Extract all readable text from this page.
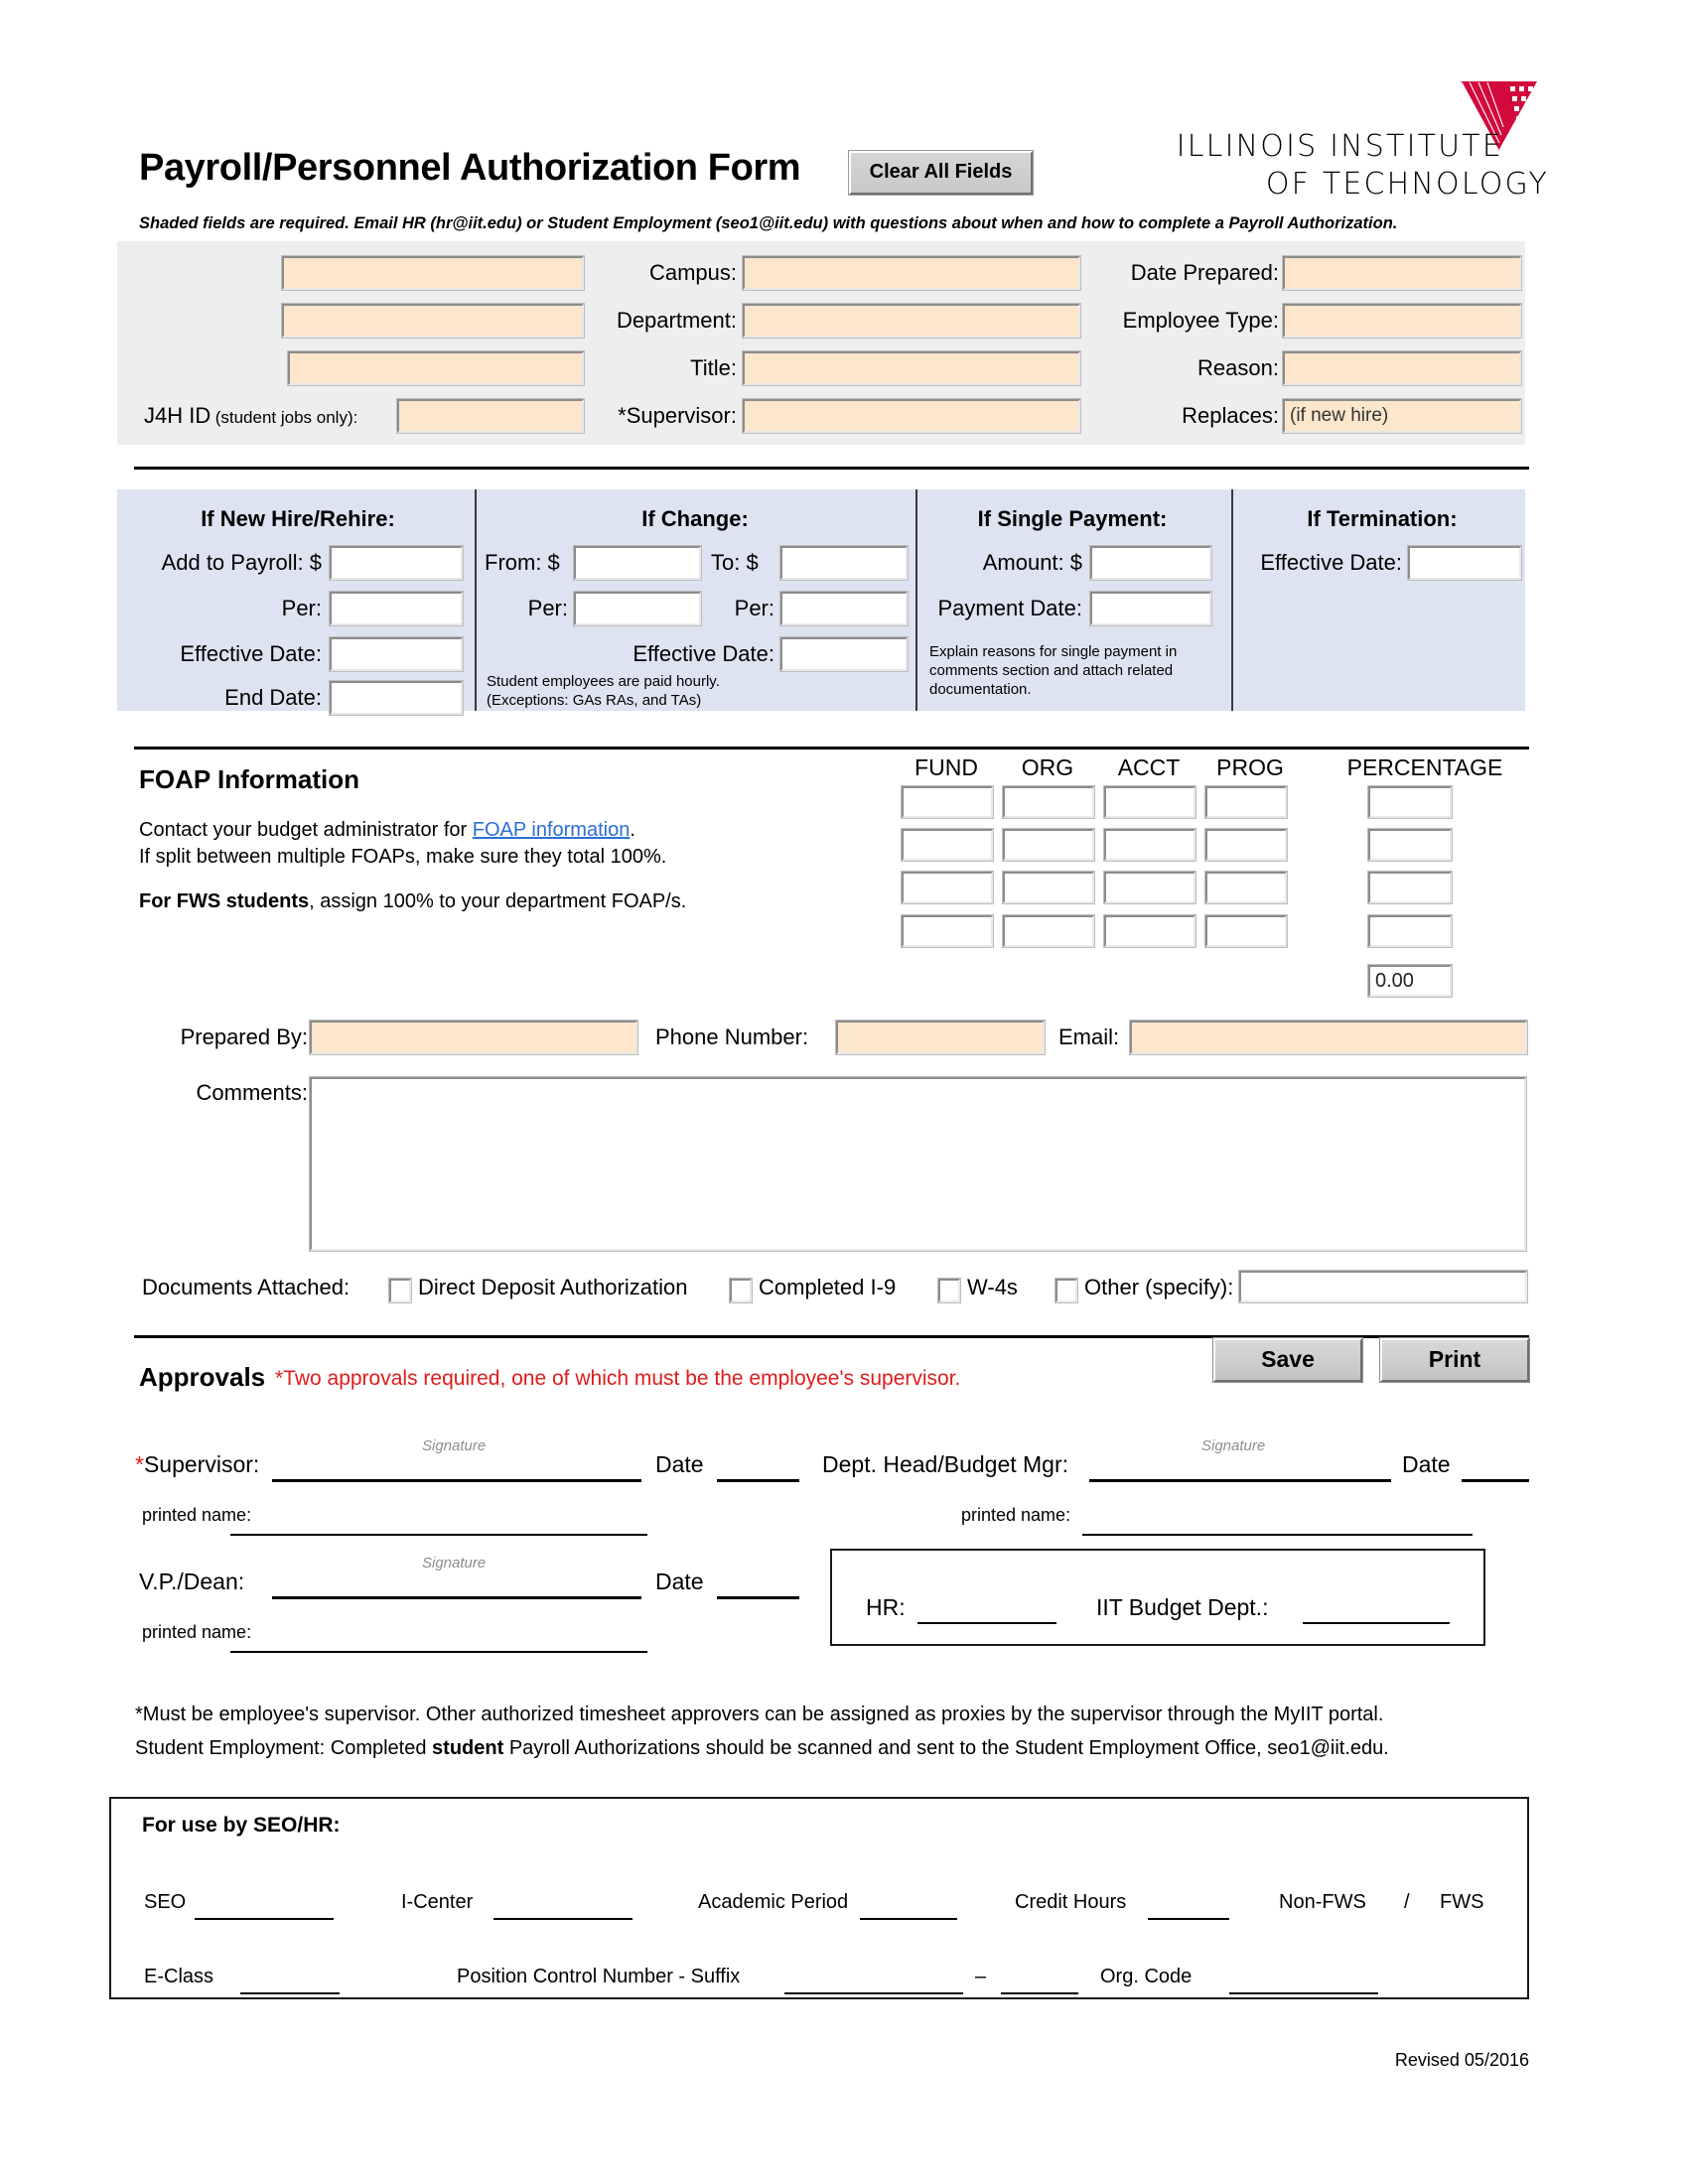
Payroll/Personnel Authorization Form	Clear All Fields
ILLINOIS INSTITUTE
OF TECHNOLOGY
Shaded fields are required. Email HR (hr@iit.edu) or Student Employment (seo1@iit.edu) with questions about when and how to complete a Payroll Authorization.
J4H ID (student jobs only):
Campus:
Department:
Title:
*Supervisor:
Date Prepared:
Employee Type:
Reason:
Replaces: (if new hire)
If New Hire/Rehire:
Add to Payroll: $
Per:
Effective Date:
End Date:
If Change:
From: $	To: $
Per:	Per:
Effective Date:
Student employees are paid hourly.
(Exceptions: GAs RAs, and TAs)
If Single Payment:
Amount: $
Payment Date:
Explain reasons for single payment in
comments section and attach related
documentation.
If Termination:
Effective Date:
FOAP Information
Contact your budget administrator for FOAP information.
If split between multiple FOAPs, make sure they total 100%.
For FWS students, assign 100% to your department FOAP/s.
FUND	ORG	ACCT	PROG	PERCENTAGE
0.00
Prepared By:	Phone Number:	Email:
Comments:
Documents Attached:	Direct Deposit Authorization	Completed I-9	W-4s	Other (specify):
Approvals *Two approvals required, one of which must be the employee's supervisor.
Save	Print
*Supervisor:
Signature
Date
printed name:
Dept. Head/Budget Mgr:
Signature
Date
printed name:
V.P./Dean:
Signature
Date
printed name:
HR:	IIT Budget Dept.:
*Must be employee's supervisor. Other authorized timesheet approvers can be assigned as proxies by the supervisor through the MyIIT portal.
Student Employment: Completed student Payroll Authorizations should be scanned and sent to the Student Employment Office, seo1@iit.edu.
For use by SEO/HR:
SEO	I-Center	Academic Period	Credit Hours	Non-FWS / FWS
E-Class	Position Control Number - Suffix	–	Org. Code
Revised 05/2016
